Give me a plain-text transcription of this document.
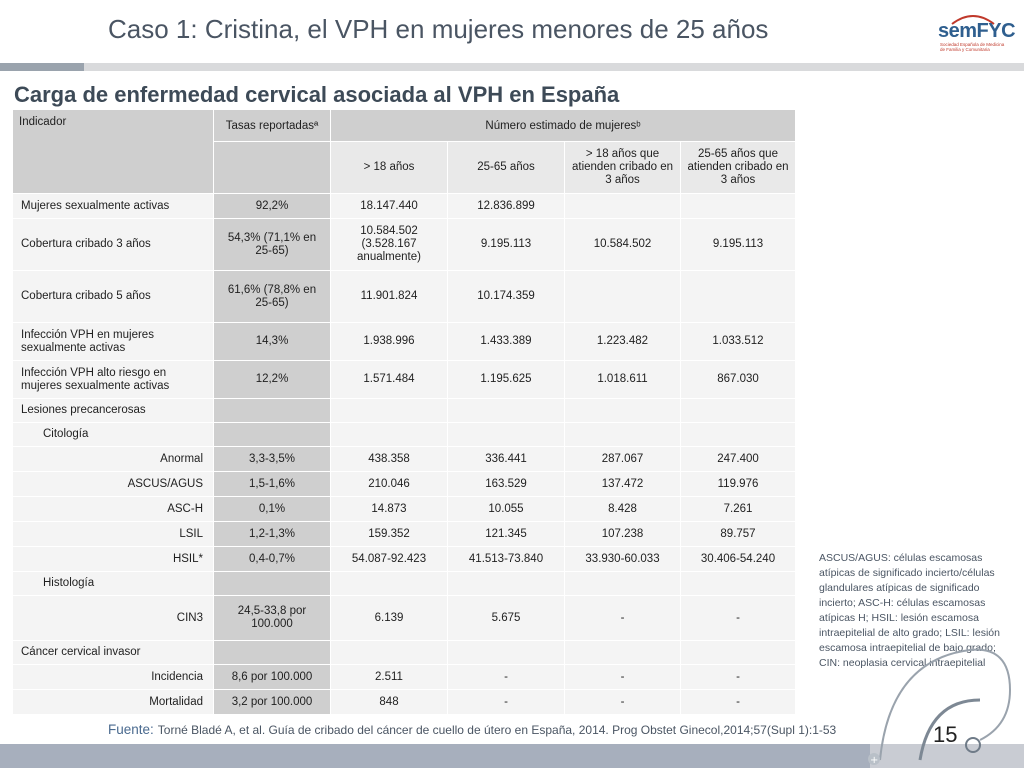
Caso 1: Cristina, el VPH en mujeres menores de 25 años	semFYC
Sociedad Española de Medicina de Familia y Comunitaria
Carga de enfermedad cervical asociada al VPH en España
Indicador	Tasas reportadasª	Número estimado de mujeresᵇ			
		> 18 años	25-65 años	> 18 años que atienden cribado en 3 años	25-65 años que atienden cribado en 3 años
Mujeres sexualmente activas	92,2%	18.147.440	12.836.899		
Cobertura cribado 3 años	54,3% (71,1% en 25-65)	10.584.502 (3.528.167 anualmente)	9.195.113	10.584.502	9.195.113
Cobertura cribado 5 años	61,6% (78,8% en 25-65)	11.901.824	10.174.359		
Infección VPH en mujeres sexualmente activas	14,3%	1.938.996	1.433.389	1.223.482	1.033.512
Infección VPH alto riesgo en mujeres sexualmente activas	12,2%	1.571.484	1.195.625	1.018.611	867.030
Lesiones precancerosas					
Citología					
Anormal	3,3-3,5%	438.358	336.441	287.067	247.400
ASCUS/AGUS	1,5-1,6%	210.046	163.529	137.472	119.976
ASC-H	0,1%	14.873	10.055	8.428	7.261
LSIL	1,2-1,3%	159.352	121.345	107.238	89.757
HSIL*	0,4-0,7%	54.087-92.423	41.513-73.840	33.930-60.033	30.406-54.240
Histología					
CIN3	24,5-33,8 por 100.000	6.139	5.675	-	-
Cáncer cervical invasor					
Incidencia	8,6 por 100.000	2.511	-	-	-
Mortalidad	3,2 por 100.000	848	-	-	-
ASCUS/AGUS: células escamosas atípicas de significado incierto/células glandulares atípicas de significado incierto; ASC-H: células escamosas atípicas H; HSIL: lesión escamosa intraepitelial de alto grado; LSIL: lesión escamosa intraepitelial de bajo grado; CIN: neoplasia cervical intraepitelial
+
Fuente: Torné Bladé A, et al. Guía de cribado del cáncer de cuello de útero en España, 2014. Prog Obstet Ginecol,2014;57(Supl 1):1-53	15
